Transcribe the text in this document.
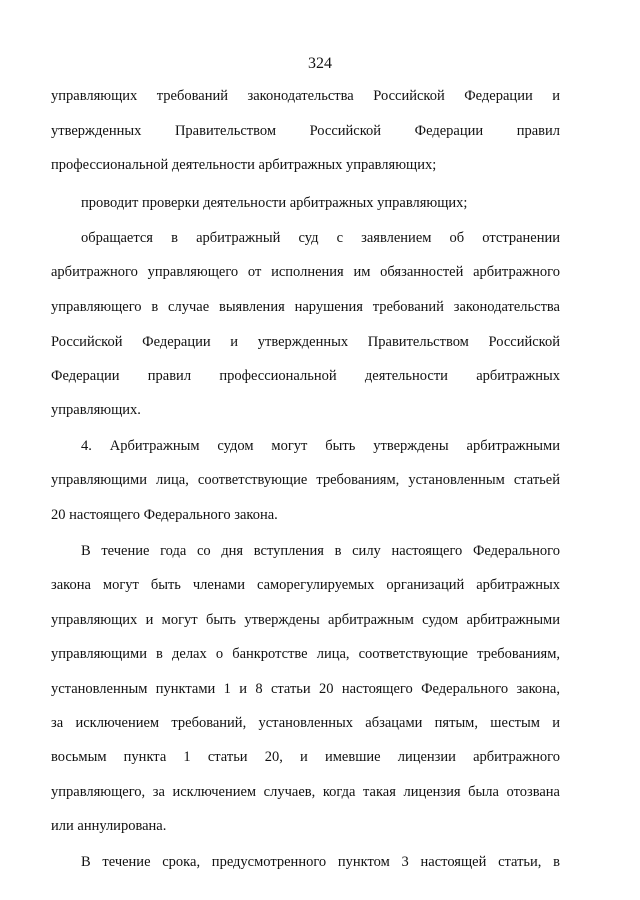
324
управляющих требований законодательства Российской Федерации и
утвержденных Правительством Российской Федерации правил
профессиональной деятельности арбитражных управляющих;
проводит проверки деятельности арбитражных управляющих;
обращается в арбитражный суд с заявлением об отстранении
арбитражного управляющего от исполнения им обязанностей арбитражного
управляющего в случае выявления нарушения требований законодательства
Российской Федерации и утвержденных Правительством Российской
Федерации правил профессиональной деятельности арбитражных
управляющих.
4. Арбитражным судом могут быть утверждены арбитражными
управляющими лица, соответствующие требованиям, установленным статьей
20 настоящего Федерального закона.
В течение года со дня вступления в силу настоящего Федерального
закона могут быть членами саморегулируемых организаций арбитражных
управляющих и могут быть утверждены арбитражным судом арбитражными
управляющими в делах о банкротстве лица, соответствующие требованиям,
установленным пунктами 1 и 8 статьи 20 настоящего Федерального закона,
за исключением требований, установленных абзацами пятым, шестым и
восьмым пункта 1 статьи 20, и имевшие лицензии арбитражного
управляющего, за исключением случаев, когда такая лицензия была отозвана
или аннулирована.
В течение срока, предусмотренного пунктом 3 настоящей статьи, в
